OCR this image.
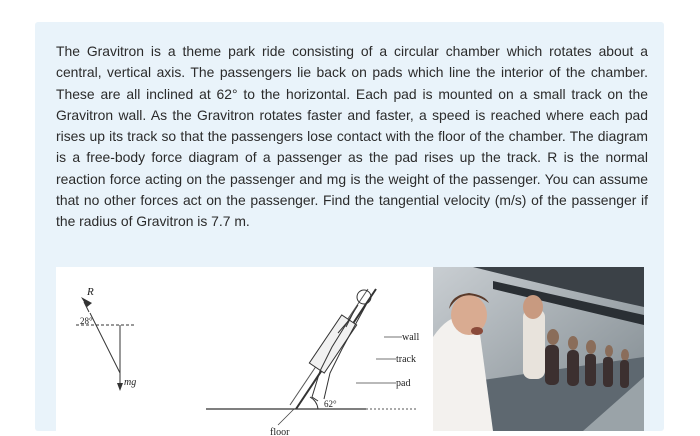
The Gravitron is a theme park ride consisting of a circular chamber which rotates about a central, vertical axis. The passengers lie back on pads which line the interior of the chamber. These are all inclined at 62° to the horizontal. Each pad is mounted on a small track on the Gravitron wall. As the Gravitron rotates faster and faster, a speed is reached where each pad rises up its track so that the passengers lose contact with the floor of the chamber. The diagram is a free-body force diagram of a passenger as the pad rises up the track. R is the normal reaction force acting on the passenger and mg is the weight of the passenger. You can assume that no other forces act on the passenger. Find the tangential velocity (m/s) of the passenger if the radius of Gravitron is 7.7 m.

R
28°
mg
wall
track
pad
62°
floor
